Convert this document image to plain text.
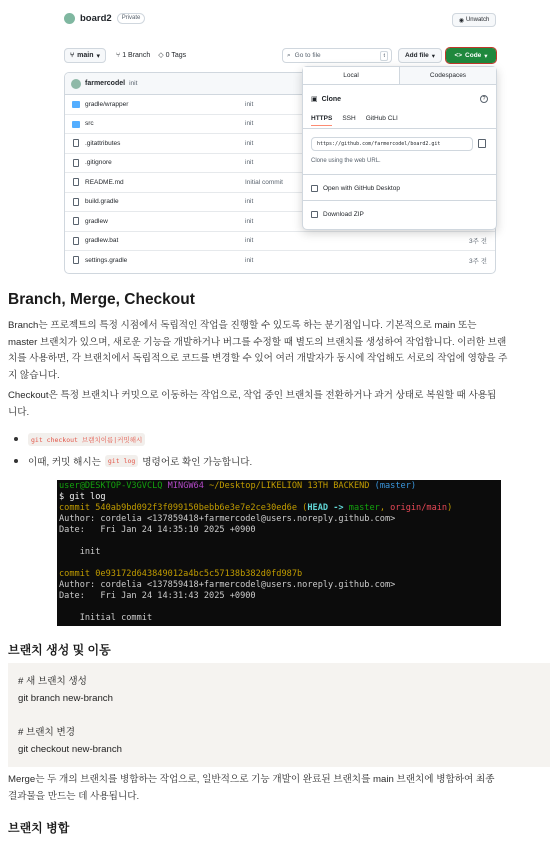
board2	Private	◉ Unwatch
⑂ main ▾ ⑂ 1 Branch ◇ 0 Tags	⌕ Go to file	t	Add file ▾	<> Code ▾
farmercodel init
gradle/wrapper	init
src	init
.gitattributes	init
.gitignore	init
README.md	Initial commit
build.gradle	init
gradlew	init
gradlew.bat	init	3주 전
settings.gradle	init	3주 전
Local	Codespaces
▣ Clone	?
HTTPS SSH GitHub CLI
https://github.com/farmercodel/board2.git
Clone using the web URL.
Open with GitHub Desktop
Download ZIP
Branch, Merge, Checkout
Branch는 프로젝트의 특정 시점에서 독립적인 작업을 진행할 수 있도록 하는 분기점입니다. 기본적으로 main 또는
master 브랜치가 있으며, 새로운 기능을 개발하거나 버그를 수정할 때 별도의 브랜치를 생성하여 작업합니다. 이러한 브랜
치를 사용하면, 각 브랜치에서 독립적으로 코드를 변경할 수 있어 여러 개발자가 동시에 작업해도 서로의 작업에 영향을 주
지 않습니다.
Checkout은 특정 브랜치나 커밋으로 이동하는 작업으로, 작업 중인 브랜치를 전환하거나 과거 상태로 복원할 때 사용됩
니다.
git checkout 브랜치이름|커밋해시
이때, 커밋 해시는	git log 명령어로 확인 가능합니다.
user@DESKTOP-V3GVCLQ MINGW64 ~/Desktop/LIKELION 13TH BACKEND (master)
$ git log
commit 540ab9bd092f3f099150bebb6e3e7e2ce30ed6e (HEAD -> master, origin/main)
Author: cordelia <137859418+farmercodel@users.noreply.github.com>
Date:   Fri Jan 24 14:35:10 2025 +0900

init

commit 0e93172d643849012a4bc5c57138b382d0fd987b
Author: cordelia <137859418+farmercodel@users.noreply.github.com>
Date:   Fri Jan 24 14:31:43 2025 +0900

Initial commit
브랜치 생성 및 이동
# 새 브랜치 생성
git branch new-branch
# 브랜치 변경
git checkout new-branch
Merge는 두 개의 브랜치를 병합하는 작업으로, 일반적으로 기능 개발이 완료된 브랜치를 main 브랜치에 병합하여 최종
결과물을 만드는 데 사용됩니다.
브랜치 병합
